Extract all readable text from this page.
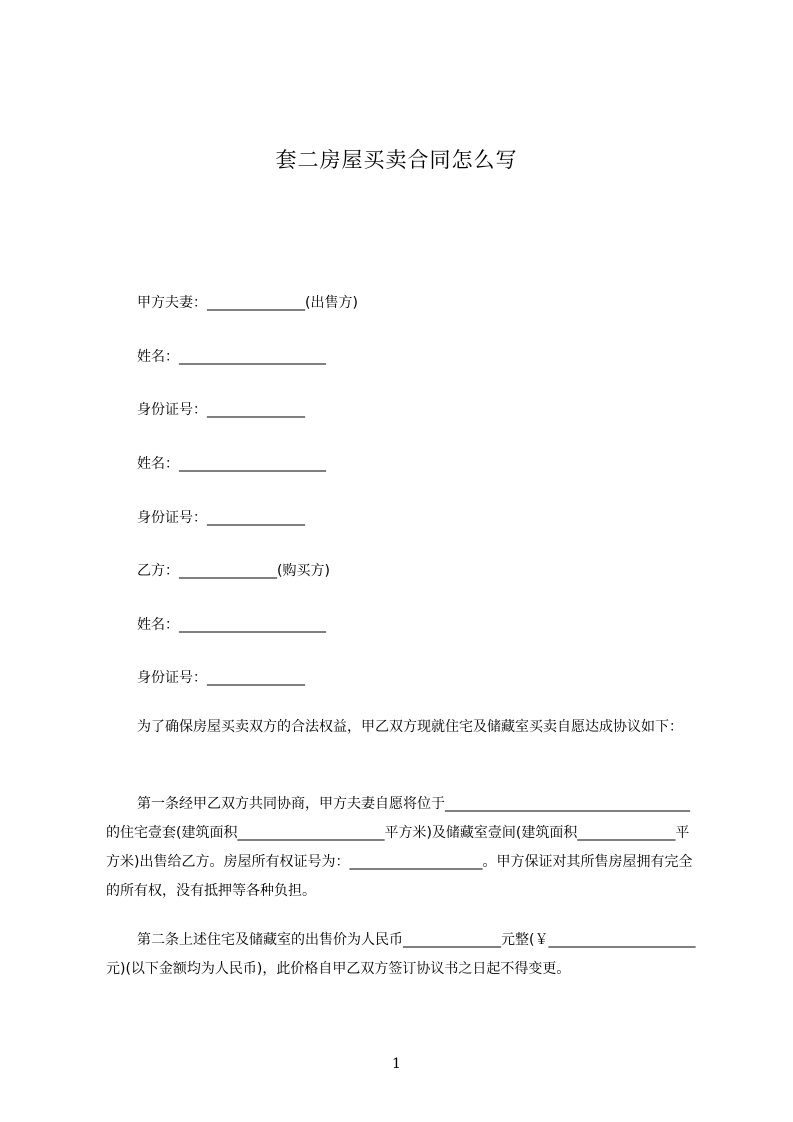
套二房屋买卖合同怎么写
甲方夫妻：______________(出售方)
姓名：_____________________
身份证号：______________
姓名：_____________________
身份证号：______________
乙方：______________(购买方)
姓名：_____________________
身份证号：______________
为了确保房屋买卖双方的合法权益，甲乙双方现就住宅及储藏室买卖自愿达成协议如下：
第一条经甲乙双方共同协商，甲方夫妻自愿将位于___________________________________的住宅壹套(建筑面积_____________________平方米)及储藏室壹间(建筑面积______________平方米)出售给乙方。房屋所有权证号为：___________________。甲方保证对其所售房屋拥有完全的所有权，没有抵押等各种负担。
第二条上述住宅及储藏室的出售价为人民币______________元整(￥_____________________元)(以下金额均为人民币)，此价格自甲乙双方签订协议书之日起不得变更。
1
